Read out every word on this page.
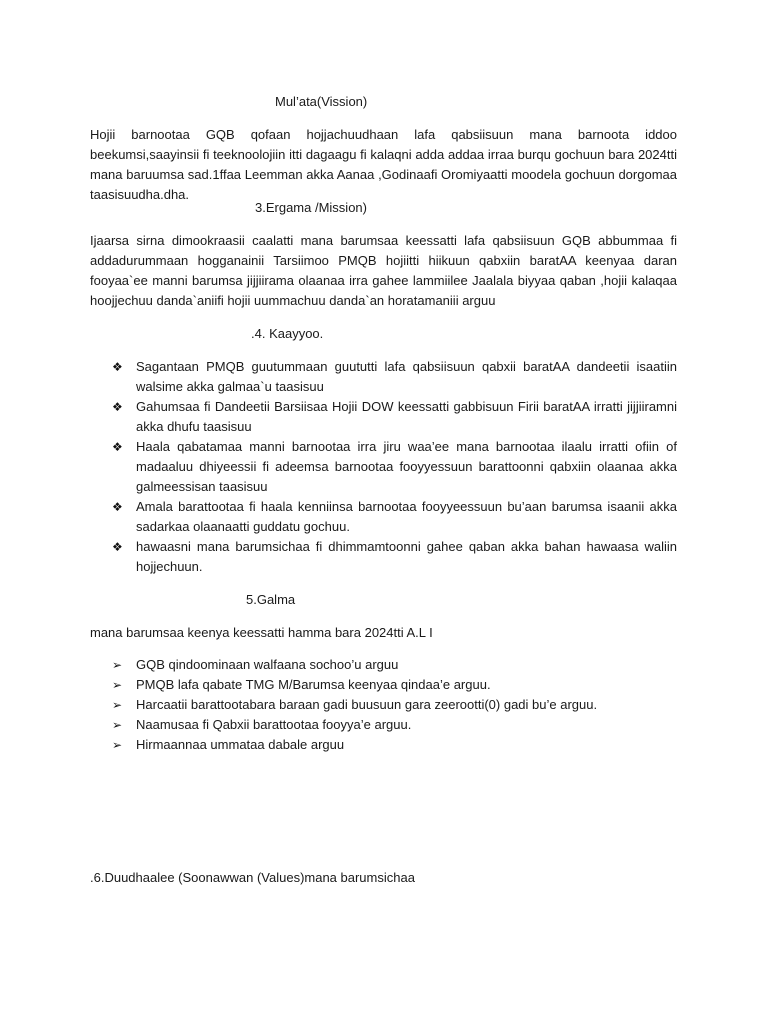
Mul’ata(Vission)

Hojii barnootaa GQB qofaan hojjachuudhaan lafa qabsiisuun mana barnoota iddoo beekumsi,saayinsii fi teeknoolojiin itti dagaagu fi kalaqni adda addaa irraa burqu gochuun bara 2024tti mana baruumsa sad.1ffaa Leemman akka Aanaa ,Godinaafi Oromiyaatti moodela gochuun dorgomaa taasisuudha.dha.

3.Ergama /Mission)

Ijaarsa sirna dimookraasii caalatti mana barumsaa keessatti lafa qabsiisuun GQB abbummaa fi addadurummaan hogganainii Tarsiimoo PMQB hojiitti hiikuun qabxiin baratAA keenyaa daran fooyaa`ee manni barumsa jijjiirama olaanaa irra gahee lammiilee Jaalala biyyaa qaban ,hojii kalaqaa hoojjechuu danda`aniifi hojii uummachuu danda`an horatamaniii arguu

.4. Kaayyoo.
❖	Sagantaan PMQB guutummaan guututti lafa qabsiisuun qabxii baratAA dandeetii isaatiin walsime akka galmaa`u taasisuu
❖	Gahumsaa fi Dandeetii Barsiisaa Hojii DOW keessatti gabbisuun Firii baratAA irratti jijjiiramni akka dhufu taasisuu
❖	Haala qabatamaa manni barnootaa irra jiru waa’ee mana barnootaa ilaalu irratti ofiin of madaaluu dhiyeessii fi adeemsa barnootaa fooyyessuun barattoonni qabxiin olaanaa akka galmeessisan taasisuu
❖	Amala barattootaa fi haala kenniinsa barnootaa fooyyeessuun bu’aan barumsa isaanii akka sadarkaa olaanaatti guddatu gochuu.
❖	hawaasni mana barumsichaa fi dhimmamtoonni gahee qaban akka bahan hawaasa waliin hojjechuun.
5.Galma

mana barumsaa keenya keessatti hamma bara 2024tti A.L I

➢	GQB qindoominaan walfaana sochoo’u arguu
➢	PMQB lafa qabate TMG M/Barumsa keenyaa qindaa’e arguu.
➢	Harcaatii barattootabara baraan gadi buusuun gara zeerootti(0) gadi bu’e arguu.
➢	Naamusaa fi Qabxii barattootaa fooyya’e arguu.
➢	Hirmaannaa ummataa dabale arguu
.6.Duudhaalee (Soonawwan (Values)mana barumsichaa
